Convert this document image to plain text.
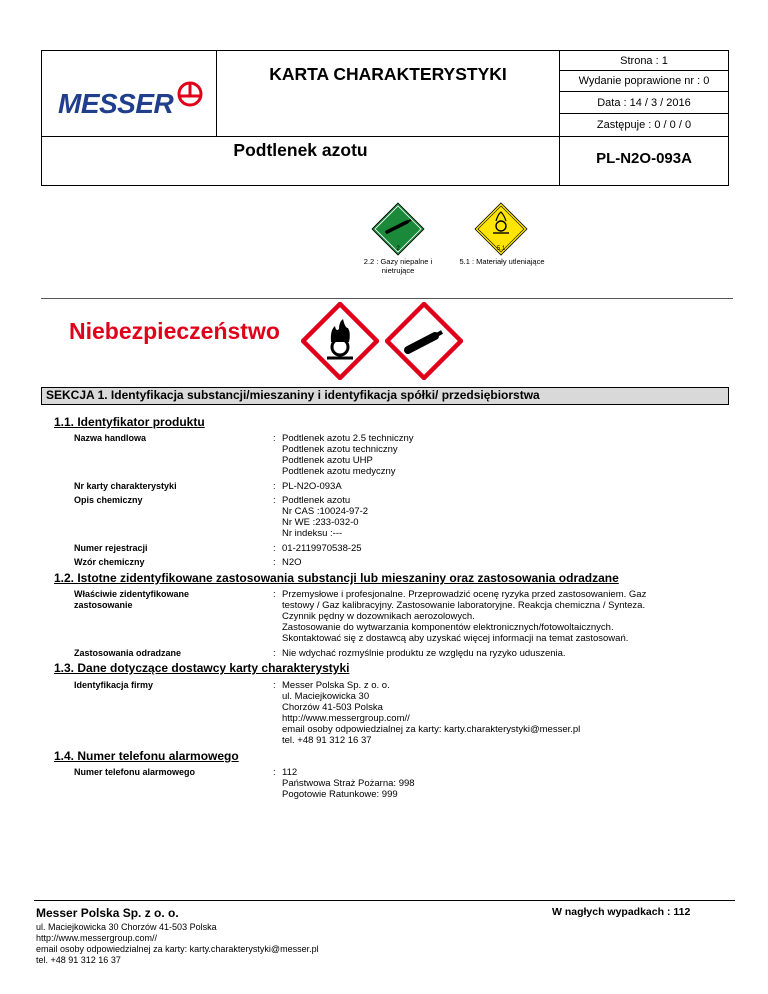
MESSER
KARTA CHARAKTERYSTYKI
Strona : 1
Wydanie poprawione nr : 0
Data : 14 / 3 / 2016
Zastępuje : 0 / 0 / 0
Podtlenek azotu	PL-N2O-093A
2	5.1
2.2 : Gazy niepalne i
nietrujące
5.1 : Materiały utleniające
Niebezpieczeństwo
SEKCJA 1. Identyfikacja substancji/mieszaniny i identyfikacja spółki/ przedsiębiorstwa
1.1. Identyfikator produktu
Nazwa handlowa	: Podtlenek azotu 2.5 techniczny
Podtlenek azotu techniczny
Podtlenek azotu UHP
Podtlenek azotu medyczny
Nr karty charakterystyki	: PL-N2O-093A
Opis chemiczny	: Podtlenek azotu
Nr CAS :10024-97-2
Nr WE :233-032-0
Nr indeksu :---
Numer rejestracji	: 01-2119970538-25
Wzór chemiczny	: N2O
1.2. Istotne zidentyfikowane zastosowania substancji lub mieszaniny oraz zastosowania odradzane
Właściwie zidentyfikowane
zastosowanie
: Przemysłowe i profesjonalne. Przeprowadzić ocenę ryzyka przed zastosowaniem. Gaz
testowy / Gaz kalibracyjny. Zastosowanie laboratoryjne. Reakcja chemiczna / Synteza.
Czynnik pędny w dozownikach aerozolowych.
Zastosowanie do wytwarzania komponentów elektronicznych/fotowoltaicznych.
Skontaktować się z dostawcą aby uzyskać więcej informacji na temat zastosowań.
Zastosowania odradzane	: Nie wdychać rozmyślnie produktu ze względu na ryzyko uduszenia.
1.3. Dane dotyczące dostawcy karty charakterystyki
Identyfikacja firmy	: Messer Polska Sp. z o. o.
ul. Maciejkowicka 30
Chorzów 41-503 Polska
http://www.messergroup.com//
email osoby odpowiedzialnej za karty: karty.charakterystyki@messer.pl
tel. +48 91 312 16 37
1.4. Numer telefonu alarmowego
Numer telefonu alarmowego	: 112
Państwowa Straż Pożarna: 998
Pogotowie Ratunkowe: 999
Messer Polska Sp. z o. o.	W nagłych wypadkach : 112
ul. Maciejkowicka 30 Chorzów 41-503 Polska
http://www.messergroup.com//
email osoby odpowiedzialnej za karty: karty.charakterystyki@messer.pl
tel. +48 91 312 16 37
